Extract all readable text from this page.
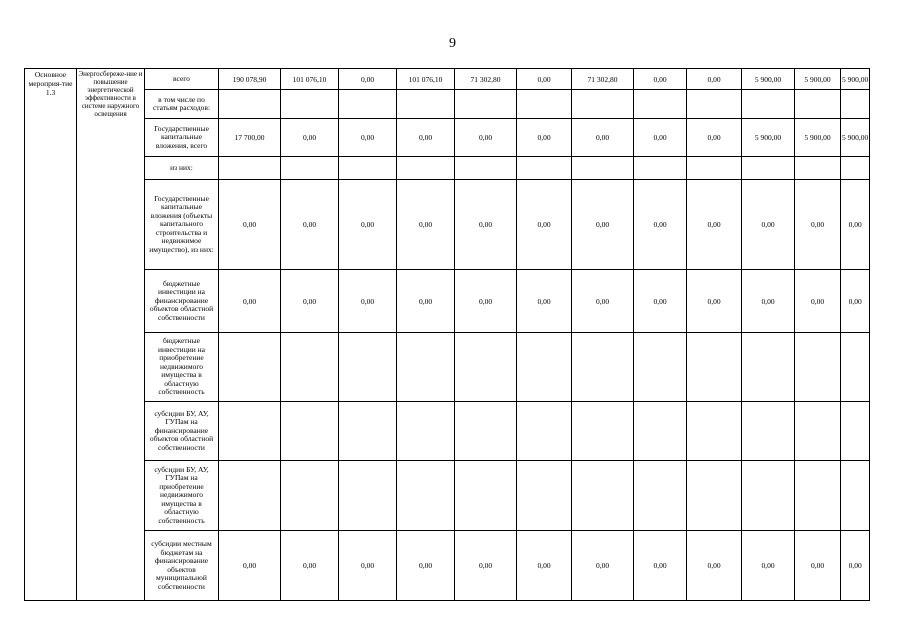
9
Основное мероприя-тие 1.3	Энергосбереже-ние и повышение энергетической эффективности в системе наружного освещения	всего	190 078,90	101 076,10	0,00	101 076,10	71 302,80	0,00	71 302,80	0,00	0,00	5 900,00	5 900,00	5 900,00
		в том числе по статьям расходов:												
		Государственные капитальные вложения, всего	17 700,00	0,00	0,00	0,00	0,00	0,00	0,00	0,00	0,00	5 900,00	5 900,00	5 900,00
		из них:												
		Государственные капитальные вложения (объекты капитального строительства и недвижимое имущество), из них:	0,00	0,00	0,00	0,00	0,00	0,00	0,00	0,00	0,00	0,00	0,00	0,00
		бюджетные инвестиции на финансирование объектов областной собственности	0,00	0,00	0,00	0,00	0,00	0,00	0,00	0,00	0,00	0,00	0,00	0,00
		бюджетные инвестиции на приобретение недвижимого имущества в областную собственность												
		субсидии БУ, АУ, ГУПам на финансирование объектов областной собственности												
		субсидии БУ, АУ, ГУПам на приобретение недвижимого имущества в областную собственность												
		субсидии местным бюджетам на финансирование объектов муниципальной собственности	0,00	0,00	0,00	0,00	0,00	0,00	0,00	0,00	0,00	0,00	0,00	0,00
